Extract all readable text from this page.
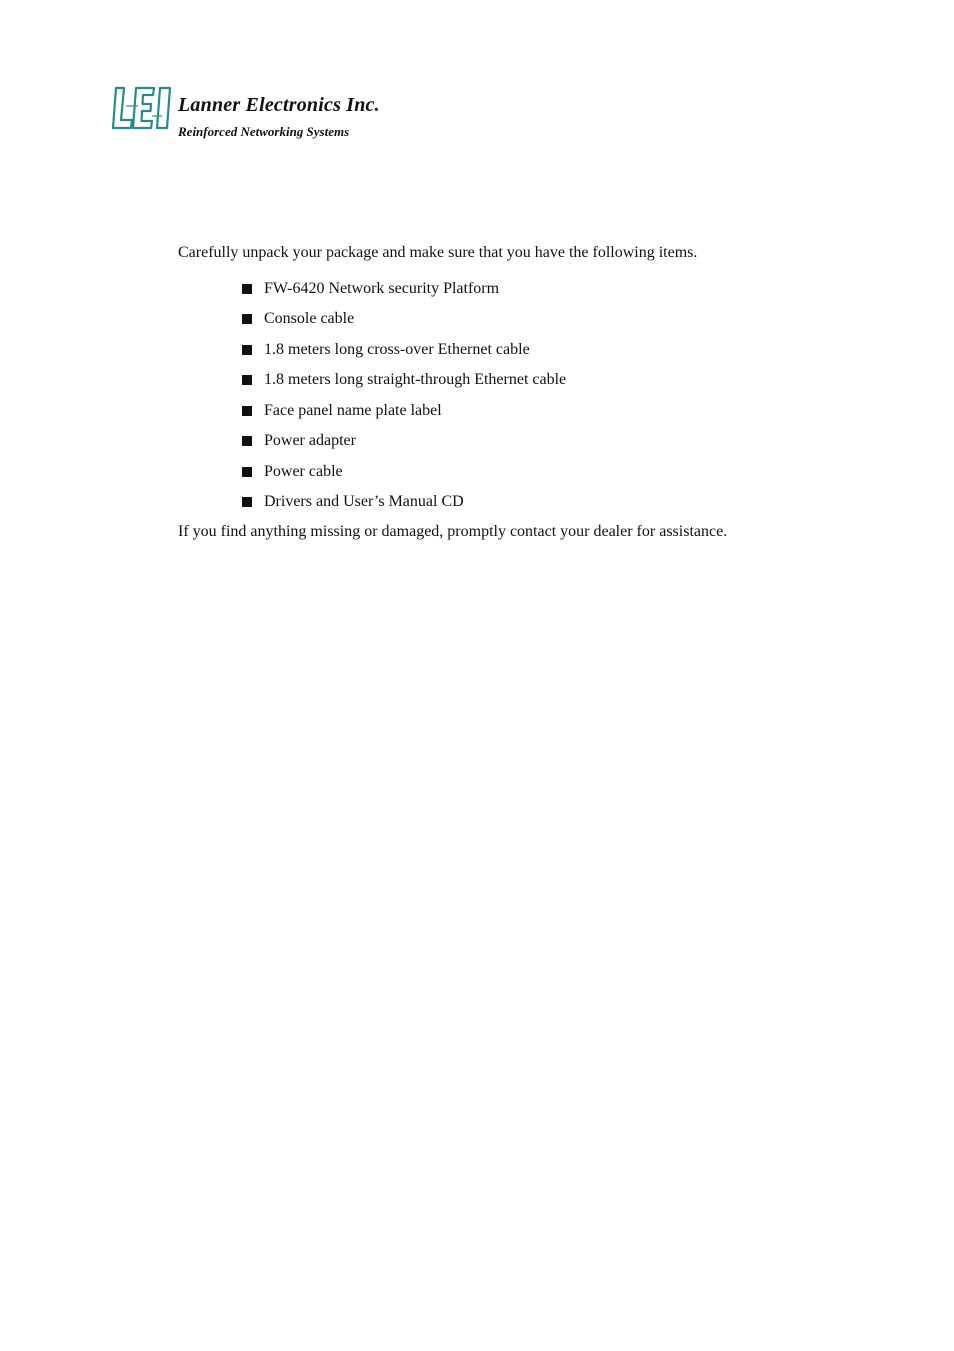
Lanner Electronics Inc.
Reinforced Networking Systems

Carefully unpack your package and make sure that you have the following items.

FW-6420 Network security Platform
Console cable
1.8 meters long cross-over Ethernet cable
1.8 meters long straight-through Ethernet cable
Face panel name plate label
Power adapter
Power cable
Drivers and User’s Manual CD

If you find anything missing or damaged, promptly contact your dealer for assistance.
